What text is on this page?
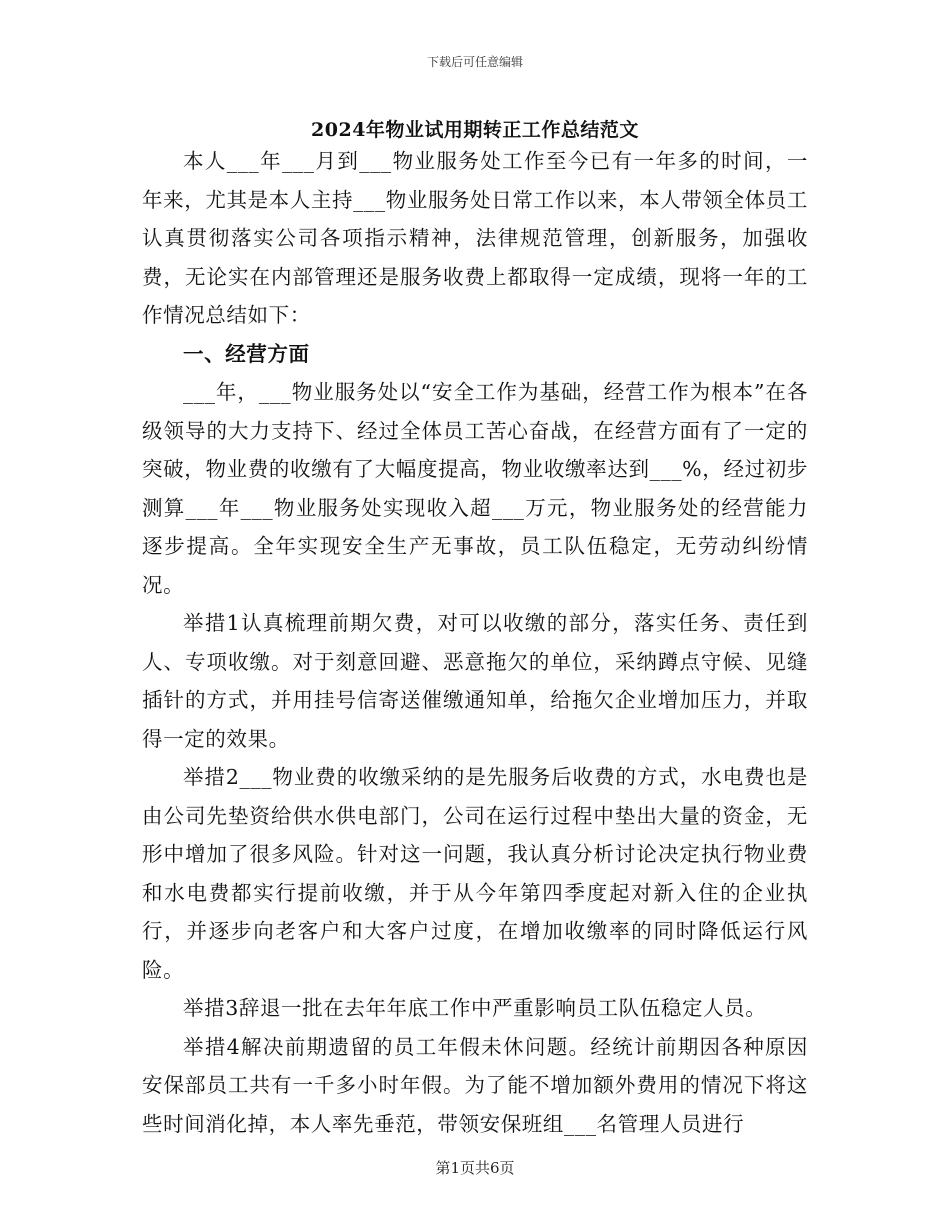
下载后可任意编辑
2024年物业试用期转正工作总结范文

本人___年___月到___物业服务处工作至今已有一年多的时间，一年来，尤其是本人主持___物业服务处日常工作以来，本人带领全体员工认真贯彻落实公司各项指示精神，法律规范管理，创新服务，加强收费，无论实在内部管理还是服务收费上都取得一定成绩，现将一年的工作情况总结如下：

一、经营方面

___年，___物业服务处以“安全工作为基础，经营工作为根本”在各级领导的大力支持下、经过全体员工苦心奋战，在经营方面有了一定的突破，物业费的收缴有了大幅度提高，物业收缴率达到___%，经过初步测算___年___物业服务处实现收入超___万元，物业服务处的经营能力逐步提高。全年实现安全生产无事故，员工队伍稳定，无劳动纠纷情况。

举措1认真梳理前期欠费，对可以收缴的部分，落实任务、责任到人、专项收缴。对于刻意回避、恶意拖欠的单位，采纳蹲点守候、见缝插针的方式，并用挂号信寄送催缴通知单，给拖欠企业增加压力，并取得一定的效果。

举措2___物业费的收缴采纳的是先服务后收费的方式，水电费也是由公司先垫资给供水供电部门，公司在运行过程中垫出大量的资金，无形中增加了很多风险。针对这一问题，我认真分析讨论决定执行物业费和水电费都实行提前收缴，并于从今年第四季度起对新入住的企业执行，并逐步向老客户和大客户过度，在增加收缴率的同时降低运行风险。

举措3辞退一批在去年年底工作中严重影响员工队伍稳定人员。

举措4解决前期遗留的员工年假未休问题。经统计前期因各种原因安保部员工共有一千多小时年假。为了能不增加额外费用的情况下将这些时间消化掉，本人率先垂范，带领安保班组___名管理人员进行

第1页共6页
